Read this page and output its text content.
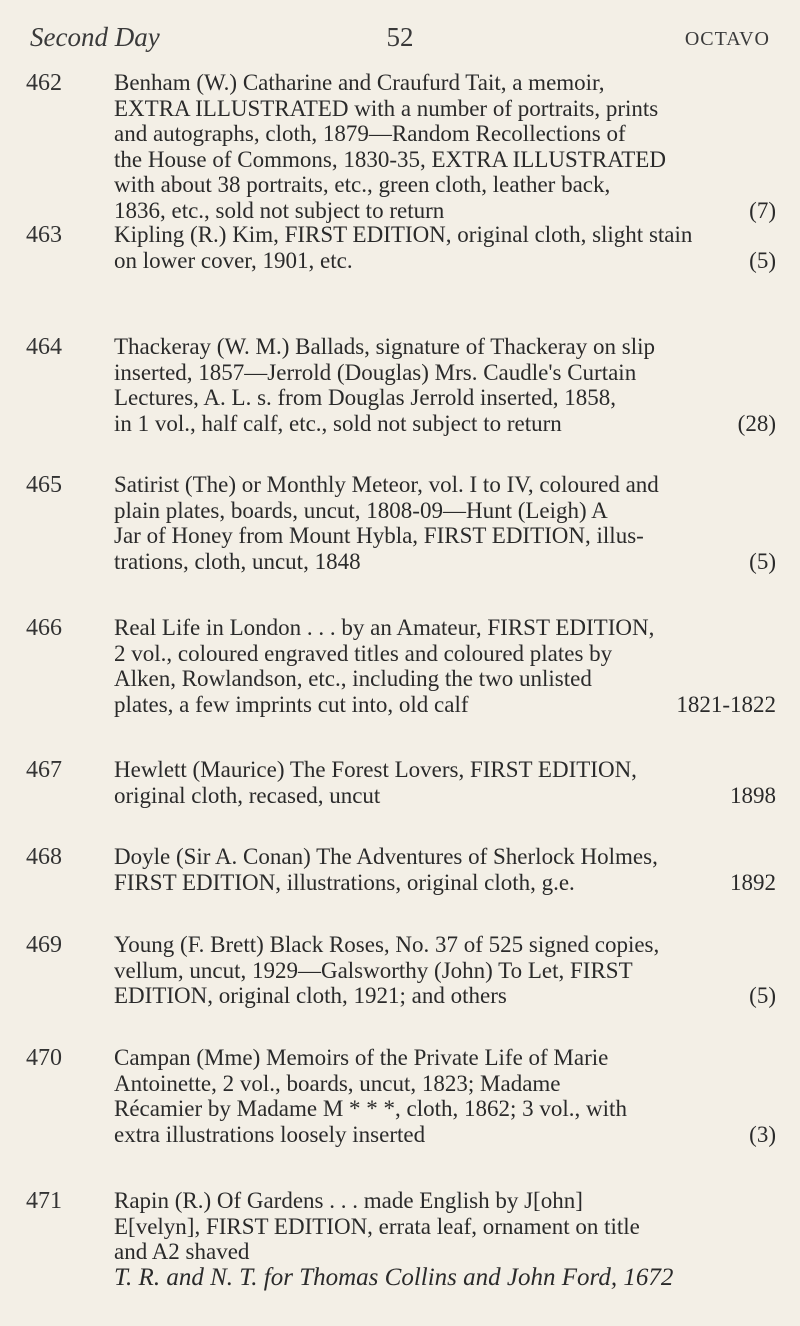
Second Day	52	OCTAVO
462	Benham (W.) Catharine and Craufurd Tait, a memoir,
EXTRA ILLUSTRATED with a number of portraits, prints
and autographs, cloth, 1879—Random Recollections of
the House of Commons, 1830-35, EXTRA ILLUSTRATED
with about 38 portraits, etc., green cloth, leather back,
1836, etc., sold not subject to return	(7)
463	Kipling (R.) Kim, FIRST EDITION, original cloth, slight stain
on lower cover, 1901, etc.	(5)
464	Thackeray (W. M.) Ballads, signature of Thackeray on slip
inserted, 1857—Jerrold (Douglas) Mrs. Caudle's Curtain
Lectures, A. L. s. from Douglas Jerrold inserted, 1858,
in 1 vol., half calf, etc., sold not subject to return	(28)
465	Satirist (The) or Monthly Meteor, vol. I to IV, coloured and
plain plates, boards, uncut, 1808-09—Hunt (Leigh) A
Jar of Honey from Mount Hybla, FIRST EDITION, illus-
trations, cloth, uncut, 1848	(5)
466	Real Life in London . . . by an Amateur, FIRST EDITION,
2 vol., coloured engraved titles and coloured plates by
Alken, Rowlandson, etc., including the two unlisted
plates, a few imprints cut into, old calf	1821-1822
467	Hewlett (Maurice) The Forest Lovers, FIRST EDITION,
original cloth, recased, uncut	1898
468	Doyle (Sir A. Conan) The Adventures of Sherlock Holmes,
FIRST EDITION, illustrations, original cloth, g.e.	1892
469	Young (F. Brett) Black Roses, No. 37 of 525 signed copies,
vellum, uncut, 1929—Galsworthy (John) To Let, FIRST
EDITION, original cloth, 1921; and others	(5)
470	Campan (Mme) Memoirs of the Private Life of Marie
Antoinette, 2 vol., boards, uncut, 1823; Madame
Récamier by Madame M * * *, cloth, 1862; 3 vol., with
extra illustrations loosely inserted	(3)
471	Rapin (R.) Of Gardens . . . made English by J[ohn]
E[velyn], FIRST EDITION, errata leaf, ornament on title
and A2 shaved
T. R. and N. T. for Thomas Collins and John Ford, 1672
